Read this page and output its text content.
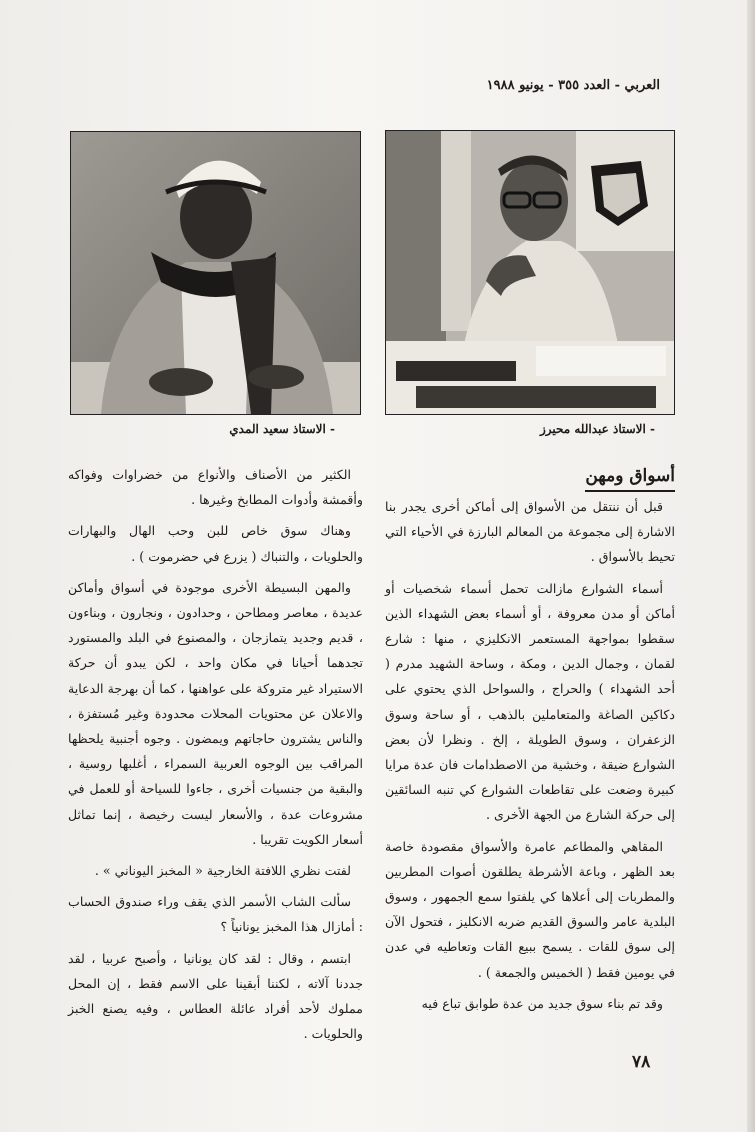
العربي - العدد ٣٥٥ - يونيو ١٩٨٨
- الاستاذ سعيد المدي	- الاستاذ عبدالله محيرز
أسواق ومهن

قبل أن ننتقل من الأسواق إلى أماكن أخرى يجدر بنا الاشارة إلى مجموعة من المعالم البارزة في الأحياء التي تحيط بالأسواق .

أسماء الشوارع مازالت تحمل أسماء شخصيات أو أماكن أو مدن معروفة ، أو أسماء بعض الشهداء الذين سقطوا بمواجهة المستعمر الانكليزي ، منها : شارع لقمان ، وجمال الدين ، ومكة ، وساحة الشهيد مدرم ( أحد الشهداء ) والحراج ، والسواحل الذي يحتوي على دكاكين الصاغة والمتعاملين بالذهب ، أو ساحة وسوق الزعفران ، وسوق الطويلة ، إلخ . ونظرا لأن بعض الشوارع ضيقة ، وخشية من الاصطدامات فان عدة مرايا كبيرة وضعت على تقاطعات الشوارع كي تنبه السائقين إلى حركة الشارع من الجهة الأخرى .

المقاهي والمطاعم عامرة والأسواق مقصودة خاصة بعد الظهر ، وباعة الأشرطة يطلقون أصوات المطربين والمطربات إلى أعلاها كي يلفتوا سمع الجمهور ، وسوق البلدية عامر والسوق القديم ضربه الانكليز ، فتحول الآن إلى سوق للقات . يسمح ببيع القات وتعاطيه في عدن في يومين فقط ( الخميس والجمعة ) .

وقد تم بناء سوق جديد من عدة طوابق تباع فيه

الكثير من الأصناف والأنواع من خضراوات وفواكه وأقمشة وأدوات المطابخ وغيرها .

وهناك سوق خاص للبن وحب الهال والبهارات والحلويات ، والتنباك ( يزرع في حضرموت ) .

والمهن البسيطة الأخرى موجودة في أسواق وأماكن عديدة ، معاصر ومطاحن ، وحدادون ، ونجارون ، وبناءون ، قديم وجديد يتمازجان ، والمصنوع في البلد والمستورد تجدهما أحيانا في مكان واحد ، لكن يبدو أن حركة الاستيراد غير متروكة على عواهنها ، كما أن بهرجة الدعاية والاعلان عن محتويات المحلات محدودة وغير مُستفزة ، والناس يشترون حاجاتهم ويمضون . وجوه أجنبية يلحظها المراقب بين الوجوه العربية السمراء ، أغلبها روسية ، والبقية من جنسيات أخرى ، جاءوا للسياحة أو للعمل في مشروعات عدة ، والأسعار ليست رخيصة ، إنما تماثل أسعار الكويت تقريبا .

لفتت نظري اللافتة الخارجية « المخبز اليوناني » .

سألت الشاب الأسمر الذي يقف وراء صندوق الحساب : أمازال هذا المخبز يونانياً ؟

ابتسم ، وقال : لقد كان يونانيا ، وأصبح عربيا ، لقد جددنا آلاته ، لكننا أبقينا على الاسم فقط ، إن المحل مملوك لأحد أفراد عائلة العطاس ، وفيه يصنع الخبز والحلويات .

٧٨
